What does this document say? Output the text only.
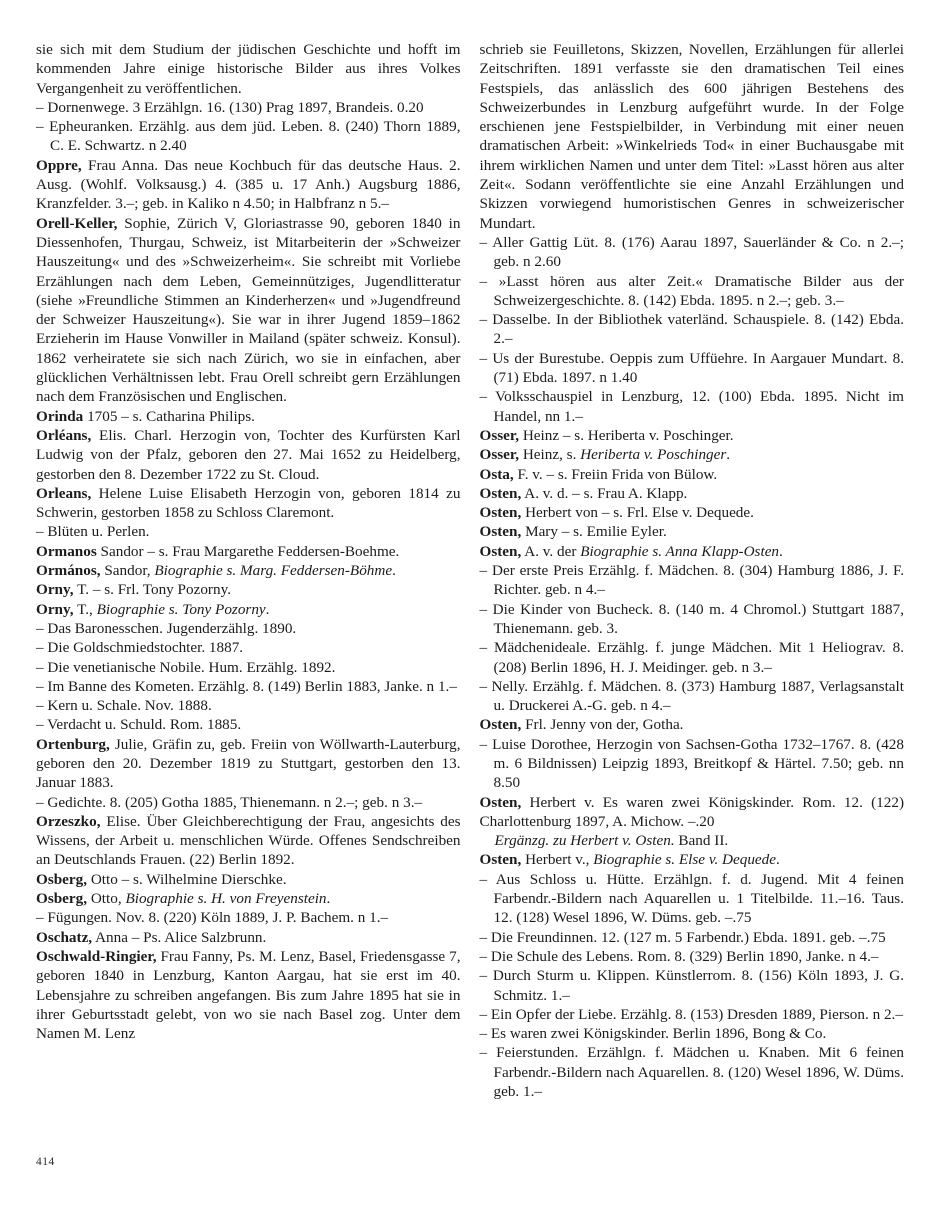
sie sich mit dem Studium der jüdischen Geschichte und hofft im kommenden Jahre einige historische Bilder aus ihres Volkes Vergangenheit zu veröffentlichen.

– Dornenwege. 3 Erzählgn. 16. (130) Prag 1897, Brandeis. 0.20

– Epheuranken. Erzählg. aus dem jüd. Leben. 8. (240) Thorn 1889, C. E. Schwartz. n 2.40

Oppre, Frau Anna. Das neue Kochbuch für das deutsche Haus. 2. Ausg. (Wohlf. Volksausg.) 4. (385 u. 17 Anh.) Augsburg 1886, Kranzfelder. 3.–; geb. in Kaliko n 4.50; in Halbfranz n 5.–

Orell-Keller, Sophie, Zürich V, Gloriastrasse 90, geboren 1840 in Diessenhofen, Thurgau, Schweiz, ist Mitarbeiterin der »Schweizer Hauszeitung« und des »Schweizerheim«. Sie schreibt mit Vorliebe Erzählungen nach dem Leben, Gemeinnütziges, Jugendlitteratur (siehe »Freundliche Stimmen an Kinderherzen« und »Jugendfreund der Schweizer Hauszeitung«). Sie war in ihrer Jugend 1859–1862 Erzieherin im Hause Vonwiller in Mailand (später schweiz. Konsul). 1862 verheiratete sie sich nach Zürich, wo sie in einfachen, aber glücklichen Verhältnissen lebt. Frau Orell schreibt gern Erzählungen nach dem Französischen und Englischen.

Orinda 1705 – s. Catharina Philips.

Orléans, Elis. Charl. Herzogin von, Tochter des Kurfürsten Karl Ludwig von der Pfalz, geboren den 27. Mai 1652 zu Heidelberg, gestorben den 8. Dezember 1722 zu St. Cloud.

Orleans, Helene Luise Elisabeth Herzogin von, geboren 1814 zu Schwerin, gestorben 1858 zu Schloss Claremont.

– Blüten u. Perlen.

Ormanos Sandor – s. Frau Margarethe Feddersen-Boehme.

Ormános, Sandor, Biographie s. Marg. Feddersen-Böhme.

Orny, T. – s. Frl. Tony Pozorny.

Orny, T., Biographie s. Tony Pozorny.

– Das Baronesschen. Jugenderzählg. 1890.

– Die Goldschmiedstochter. 1887.

– Die venetianische Nobile. Hum. Erzählg. 1892.

– Im Banne des Kometen. Erzählg. 8. (149) Berlin 1883, Janke. n 1.–

– Kern u. Schale. Nov. 1888.

– Verdacht u. Schuld. Rom. 1885.

Ortenburg, Julie, Gräfin zu, geb. Freiin von Wöllwarth-Lauterburg, geboren den 20. Dezember 1819 zu Stuttgart, gestorben den 13. Januar 1883.

– Gedichte. 8. (205) Gotha 1885, Thienemann. n 2.–; geb. n 3.–

Orzeszko, Elise. Über Gleichberechtigung der Frau, angesichts des Wissens, der Arbeit u. menschlichen Würde. Offenes Sendschreiben an Deutschlands Frauen. (22) Berlin 1892.

Osberg, Otto – s. Wilhelmine Dierschke.

Osberg, Otto, Biographie s. H. von Freyenstein.

– Fügungen. Nov. 8. (220) Köln 1889, J. P. Bachem. n 1.–

Oschatz, Anna – Ps. Alice Salzbrunn.

Oschwald-Ringier, Frau Fanny, Ps. M. Lenz, Basel, Friedensgasse 7, geboren 1840 in Lenzburg, Kanton Aargau, hat sie erst im 40. Lebensjahre zu schreiben angefangen. Bis zum Jahre 1895 hat sie in ihrer Geburtsstadt gelebt, von wo sie nach Basel zog. Unter dem Namen M. Lenz

schrieb sie Feuilletons, Skizzen, Novellen, Erzählungen für allerlei Zeitschriften. 1891 verfasste sie den dramatischen Teil eines Festspiels, das anlässlich des 600 jährigen Bestehens des Schweizerbundes in Lenzburg aufgeführt wurde. In der Folge erschienen jene Festspielbilder, in Verbindung mit einer neuen dramatischen Arbeit: »Winkelrieds Tod« in einer Buchausgabe mit ihrem wirklichen Namen und unter dem Titel: »Lasst hören aus alter Zeit«. Sodann veröffentlichte sie eine Anzahl Erzählungen und Skizzen vorwiegend humoristischen Genres in schweizerischer Mundart.

– Aller Gattig Lüt. 8. (176) Aarau 1897, Sauerländer & Co. n 2.–; geb. n 2.60

– »Lasst hören aus alter Zeit.« Dramatische Bilder aus der Schweizergeschichte. 8. (142) Ebda. 1895. n 2.–; geb. 3.–

– Dasselbe. In der Bibliothek vaterländ. Schauspiele. 8. (142) Ebda. 2.–

– Us der Burestube. Oeppis zum Uffüehre. In Aargauer Mundart. 8. (71) Ebda. 1897. n 1.40

– Volksschauspiel in Lenzburg, 12. (100) Ebda. 1895. Nicht im Handel, nn 1.–

Osser, Heinz – s. Heriberta v. Poschinger.

Osser, Heinz, s. Heriberta v. Poschinger.

Osta, F. v. – s. Freiin Frida von Bülow.

Osten, A. v. d. – s. Frau A. Klapp.

Osten, Herbert von – s. Frl. Else v. Dequede.

Osten, Mary – s. Emilie Eyler.

Osten, A. v. der Biographie s. Anna Klapp-Osten.

– Der erste Preis Erzählg. f. Mädchen. 8. (304) Hamburg 1886, J. F. Richter. geb. n 4.–

– Die Kinder von Bucheck. 8. (140 m. 4 Chromol.) Stuttgart 1887, Thienemann. geb. 3.

– Mädchenideale. Erzählg. f. junge Mädchen. Mit 1 Heliograv. 8. (208) Berlin 1896, H. J. Meidinger. geb. n 3.–

– Nelly. Erzählg. f. Mädchen. 8. (373) Hamburg 1887, Verlagsanstalt u. Druckerei A.-G. geb. n 4.–

Osten, Frl. Jenny von der, Gotha.

– Luise Dorothee, Herzogin von Sachsen-Gotha 1732–1767. 8. (428 m. 6 Bildnissen) Leipzig 1893, Breitkopf & Härtel. 7.50; geb. nn 8.50

Osten, Herbert v. Es waren zwei Königskinder. Rom. 12. (122) Charlottenburg 1897, A. Michow. –.20

Ergänzg. zu Herbert v. Osten. Band II.

Osten, Herbert v., Biographie s. Else v. Dequede.

– Aus Schloss u. Hütte. Erzählgn. f. d. Jugend. Mit 4 feinen Farbendr.-Bildern nach Aquarellen u. 1 Titelbilde. 11.–16. Taus. 12. (128) Wesel 1896, W. Düms. geb. –.75

– Die Freundinnen. 12. (127 m. 5 Farbendr.) Ebda. 1891. geb. –.75

– Die Schule des Lebens. Rom. 8. (329) Berlin 1890, Janke. n 4.–

– Durch Sturm u. Klippen. Künstlerrom. 8. (156) Köln 1893, J. G. Schmitz. 1.–

– Ein Opfer der Liebe. Erzählg. 8. (153) Dresden 1889, Pierson. n 2.–

– Es waren zwei Königskinder. Berlin 1896, Bong & Co.

– Feierstunden. Erzählgn. f. Mädchen u. Knaben. Mit 6 feinen Farbendr.-Bildern nach Aquarellen. 8. (120) Wesel 1896, W. Düms. geb. 1.–

414
